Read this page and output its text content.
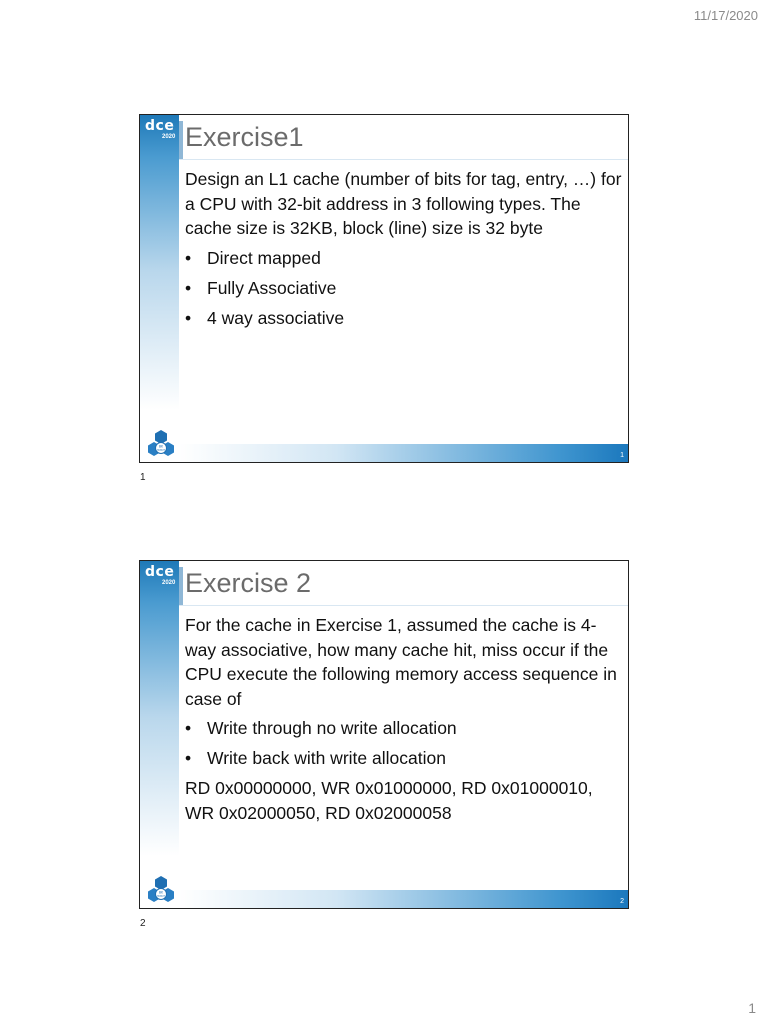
11/17/2020
dce
2020 Exercise1

Design an L1 cache (number of bits for tag, entry, …) for a CPU with 32-bit address in 3 following types. The cache size is 32KB, block (line) size is 32 byte

• Direct mapped
• Fully Associative
• 4 way associative
1
BK
HCMUT
1
dce
2020 Exercise 2

For the cache in Exercise 1, assumed the cache is 4-way associative, how many cache hit, miss occur if the CPU execute the following memory access sequence in case of

• Write through no write allocation
• Write back with write allocation

RD 0x00000000, WR 0x01000000, RD 0x01000010, WR 0x02000050, RD 0x02000058

2
BK
HCMUT
2
1
